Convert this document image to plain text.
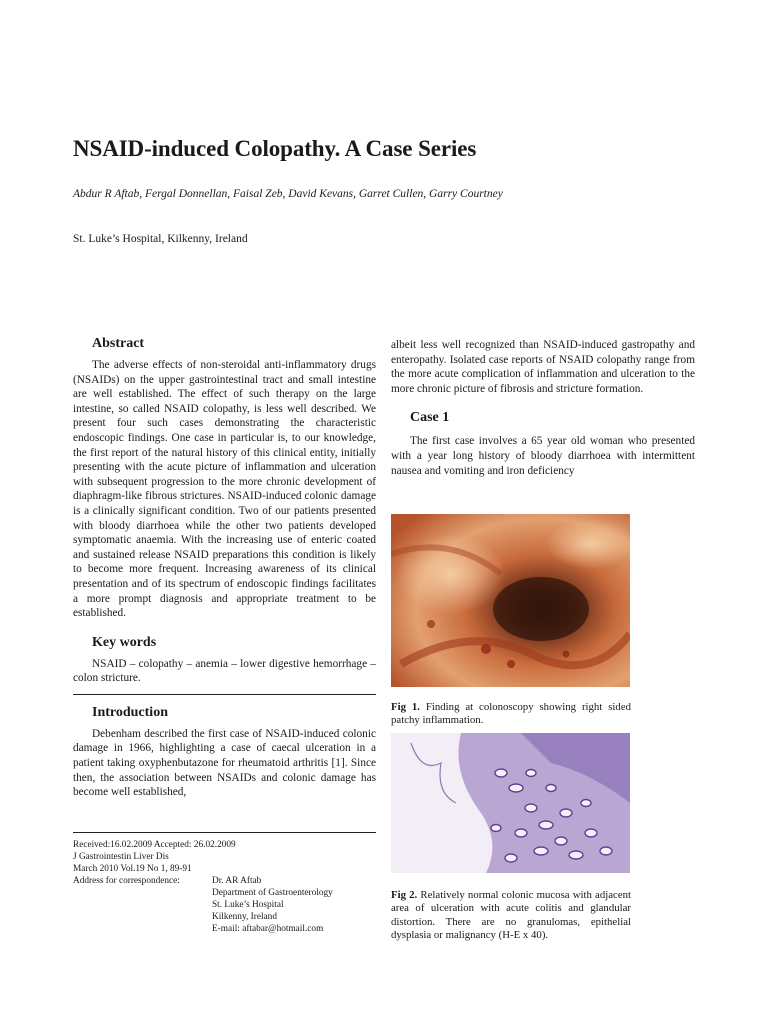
NSAID-induced Colopathy. A Case Series

Abdur R Aftab, Fergal Donnellan, Faisal Zeb, David Kevans, Garret Cullen, Garry Courtney

St. Luke’s Hospital, Kilkenny, Ireland

Abstract

The adverse effects of non-steroidal anti-inflammatory drugs (NSAIDs) on the upper gastrointestinal tract and small intestine are well established. The effect of such therapy on the large intestine, so called NSAID colopathy, is less well described. We present four such cases demonstrating the characteristic endoscopic findings. One case in particular is, to our knowledge, the first report of the natural history of this clinical entity, initially presenting with the acute picture of inflammation and ulceration with subsequent progression to the more chronic development of diaphragm-like fibrous strictures. NSAID-induced colonic damage is a clinically significant condition. Two of our patients presented with bloody diarrhoea while the other two patients developed symptomatic anaemia. With the increasing use of enteric coated and sustained release NSAID preparations this condition is likely to become more frequent. Increasing awareness of its clinical presentation and of its spectrum of endoscopic findings facilitates a more prompt diagnosis and appropriate treatment to be established.

Key words

NSAID – colopathy – anemia – lower digestive hemorrhage – colon stricture.

Introduction

Debenham described the first case of NSAID-induced colonic damage in 1966, highlighting a case of caecal ulceration in a patient taking oxyphenbutazone for rheumatoid arthritis [1]. Since then, the association between NSAIDs and colonic damage has become well established,

Received:16.02.2009 Accepted: 26.02.2009

J Gastrointestin Liver Dis

March 2010 Vol.19 No 1, 89-91

Address for correspondence:	Dr. AR Aftab
Department of Gastroenterology
St. Luke’s Hospital
Kilkenny, Ireland
E-mail: aftabar@hotmail.com

albeit less well recognized than NSAID-induced gastropathy and enteropathy. Isolated case reports of NSAID colopathy range from the more acute complication of inflammation and ulceration to the more chronic picture of fibrosis and stricture formation.

Case 1

The first case involves a 65 year old woman who presented with a year long history of bloody diarrhoea with intermittent nausea and vomiting and iron deficiency

Fig 1. Finding at colonoscopy showing right sided patchy inflammation.

Fig 2. Relatively normal colonic mucosa with adjacent area of ulceration with acute colitis and glandular distortion. There are no granulomas, epithelial dysplasia or malignancy (H-E x 40).
